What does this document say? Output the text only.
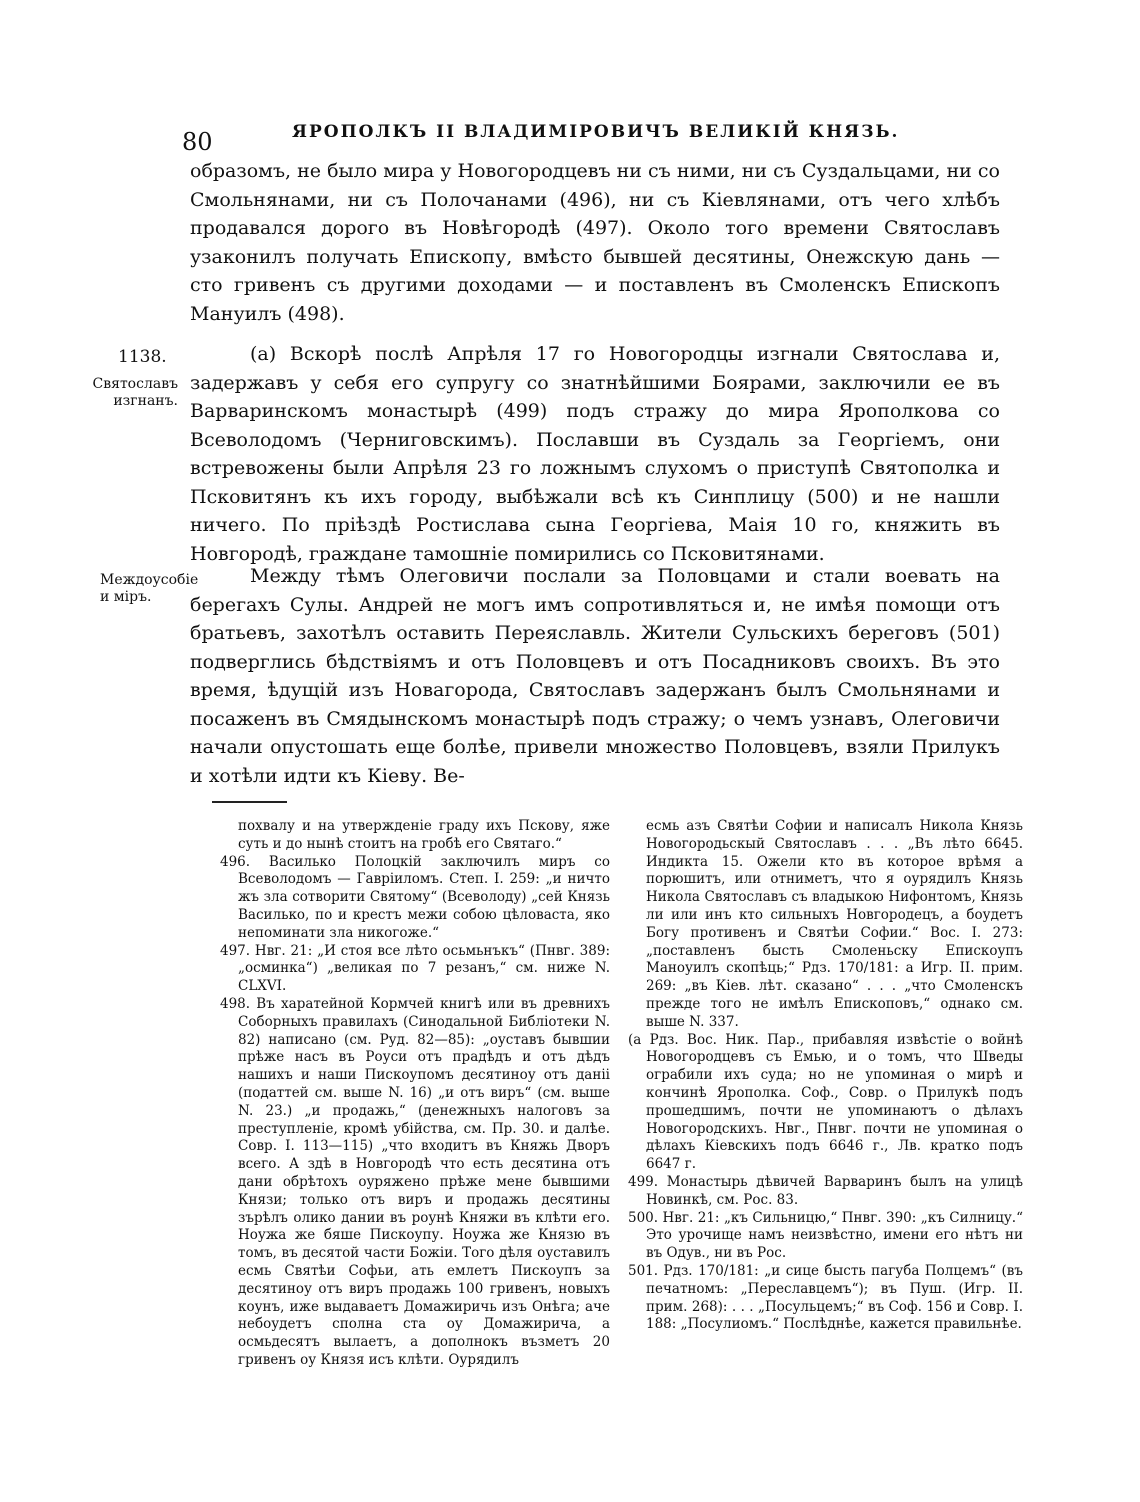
80	ЯРОПОЛКЪ II ВЛАДИМІРОВИЧЪ ВЕЛИКІЙ КНЯЗЬ.

образомъ, не было мира у Новогородцевъ ни съ ними, ни съ Суздальцами, ни со Смольнянами, ни съ Полочанами (496), ни съ Кіевлянами, отъ чего хлѣбъ продавался дорого въ Новѣгородѣ (497). Около того времени Святославъ узаконилъ получать Епископу, вмѣсто бывшей десятины, Онежскую дань — сто гривенъ съ другими доходами — и поставленъ въ Смоленскъ Епископъ Мануилъ (498).

1138.
Святославъ изгнанъ.

(а) Вскорѣ послѣ Апрѣля 17 го Новогородцы изгнали Святослава и, задержавъ у себя его супругу со знатнѣйшими Боярами, заключили ее въ Варваринскомъ монастырѣ (499) подъ стражу до мира Ярополкова со Всеволодомъ (Черниговскимъ). Пославши въ Суздаль за Георгіемъ, они встревожены были Апрѣля 23 го ложнымъ слухомъ о приступѣ Святополка и Псковитянъ къ ихъ городу, выбѣжали всѣ къ Синплицу (500) и не нашли ничего. По пріѣздѣ Ростислава сына Георгіева, Маія 10 го, княжить въ Новгородѣ, граждане тамошніе помирились со Псковитянами.

Междоусобіе и міръ.

Между тѣмъ Олеговичи послали за Половцами и стали воевать на берегахъ Сулы. Андрей не могъ имъ сопротивляться и, не имѣя помощи отъ братьевъ, захотѣлъ оставить Переяславль. Жители Сульскихъ береговъ (501) подверглись бѣдствіямъ и отъ Половцевъ и отъ Посадниковъ своихъ. Въ это время, ѣдущій изъ Новагорода, Святославъ задержанъ былъ Смольнянами и посаженъ въ Смядынскомъ монастырѣ подъ стражу; о чемъ узнавъ, Олеговичи начали опустошать еще болѣе, привели множество Половцевъ, взяли Прилукъ и хотѣли идти къ Кіеву. Ве-

похвалу и на утвержденіе граду ихъ Пскову, яже суть и до нынѣ стоитъ на гробѣ его Святаго.“

496. Василько Полоцкій заключилъ миръ со Всеволодомъ — Гавріиломъ. Степ. I. 259: „и ничто жъ зла сотворити Святому“ (Всеволоду) „сей Князь Василько, по и крестъ межи собою цѣловаста, яко непоминати зла никогоже.“

497. Нвг. 21: „И стоя все лѣто осьмьнъкъ“ (Пнвг. 389: „осминка“) „великая по 7 резанъ,“ см. ниже N. CLXVI.

498. Въ харатейной Кормчей книгѣ или въ древнихъ Соборныхъ правилахъ (Синодальной Библіотеки N. 82) написано (см. Руд. 82—85): „оуставъ бывшии прѣже насъ въ Роуси отъ прадѣдъ и отъ дѣдъ нашихъ и наши Пискоупомъ десятиноу отъ даніі (податтей см. выше N. 16) „и отъ виръ“ (см. выше N. 23.) „и продажь,“ (денежныхъ налоговъ за преступленіе, кромѣ убійства, см. Пр. 30. и далѣе. Совр. I. 113—115) „что входитъ въ Княжь Дворъ всего. А здѣ в Новгородѣ что есть десятина отъ дани обрѣтохъ оуряжено прѣже мене бывшими Князи; только отъ виръ и продажь десятины зърѣлъ олико дании въ роунѣ Княжи въ клѣти его. Ноужа же бяше Пискоупу. Ноужа же Князю въ томъ, въ десятой части Божіи. Того дѣля оуставилъ есмь Святѣи Софьи, ать емлетъ Пискоупъ за десятиноу отъ виръ продажь 100 гривенъ, новыхъ коунъ, иже выдаваетъ Домажиричь изъ Онѣга; аче небоудетъ сполна ста оу Домажирича, а осмьдесятъ вылаетъ, а дополнокъ възметъ 20 гривенъ оу Князя исъ клѣти. Оурядилъ

есмь азъ Святѣи Софии и написалъ Никола Князь Новогородьскый Святославъ . . . „Въ лѣто 6645. Индикта 15. Ожели кто въ которое врѣмя а порюшитъ, или отниметъ, что я оурядилъ Князь Никола Святославъ съ владыкою Нифонтомъ, Князь ли или инъ кто сильныхъ Новгородецъ, а боудетъ Богу противенъ и Святѣи Софии.“ Вос. I. 273: „поставленъ бысть Смоленьску Епискоупъ Маноуилъ скопѣць;“ Рдз. 170/181: а Игр. II. прим. 269: „въ Кіев. лѣт. сказано“ . . . „что Смоленскъ прежде того не имѣлъ Епископовъ,“ однако см. выше N. 337.

(а Рдз. Вос. Ник. Пар., прибавляя извѣстіе о войнѣ Новогородцевъ съ Емью, и о томъ, что Шведы ограбили ихъ суда; но не упоминая о мирѣ и кончинѣ Ярополка. Соф., Совр. о Прилукѣ подъ прошедшимъ, почти не упоминаютъ о дѣлахъ Новогородскихъ. Нвг., Пнвг. почти не упоминая о дѣлахъ Кіевскихъ подъ 6646 г., Лв. кратко подъ 6647 г.

499. Монастырь дѣвичей Варваринъ былъ на улицѣ Новинкѣ, см. Рос. 83.

500. Нвг. 21: „къ Сильницю,“ Пнвг. 390: „къ Силницу.“ Это урочище намъ неизвѣстно, имени его нѣтъ ни въ Одув., ни въ Рос.

501. Рдз. 170/181: „и сице бысть пагуба Полцемъ“ (въ печатномъ: „Переславцемъ“); въ Пуш. (Игр. II. прим. 268): . . . „Посульцемъ;“ въ Соф. 156 и Совр. I. 188: „Посулиомъ.“ Послѣднѣе, кажется правильнѣе.
